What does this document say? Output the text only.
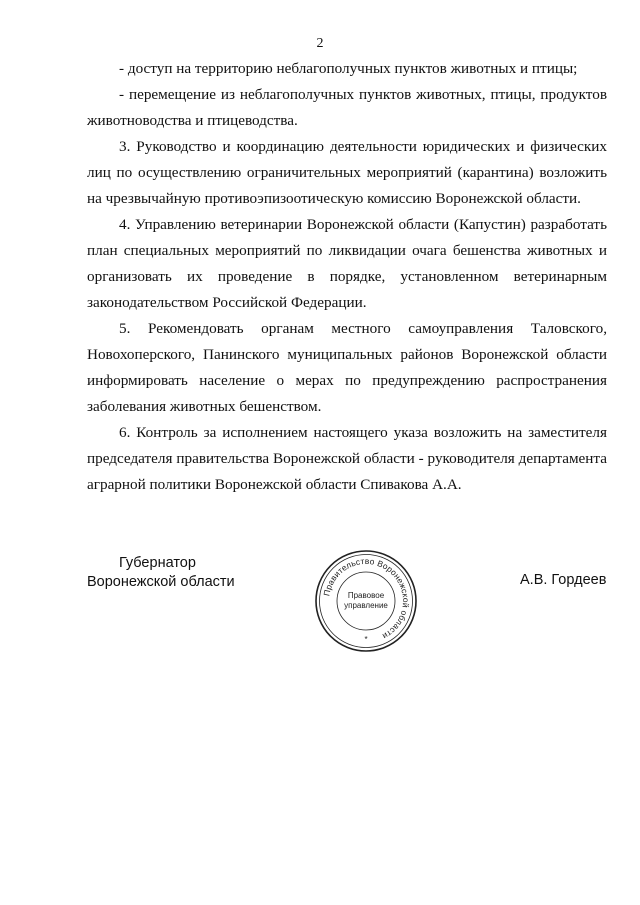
2

- доступ на территорию неблагополучных пунктов животных и птицы;

- перемещение из неблагополучных пунктов животных, птицы, продуктов животноводства и птицеводства.

3. Руководство и координацию деятельности юридических и физических лиц по осуществлению ограничительных мероприятий (карантина) возложить на чрезвычайную противоэпизоотическую комиссию Воронежской области.

4. Управлению ветеринарии Воронежской области (Капустин) разработать план специальных мероприятий по ликвидации очага бешенства животных и организовать их проведение в порядке, установленном ветеринарным законодательством Российской Федерации.

5. Рекомендовать органам местного самоуправления Таловского, Новохоперского, Панинского муниципальных районов Воронежской области информировать население о мерах по предупреждению распространения заболевания животных бешенством.

6. Контроль за исполнением настоящего указа возложить на заместителя председателя правительства Воронежской области - руководителя департамента аграрной политики Воронежской области Спивакова А.А.

Губернатор
Воронежской области
Правительство Воронежской области
Правовое
управление
*
А.В. Гордеев
